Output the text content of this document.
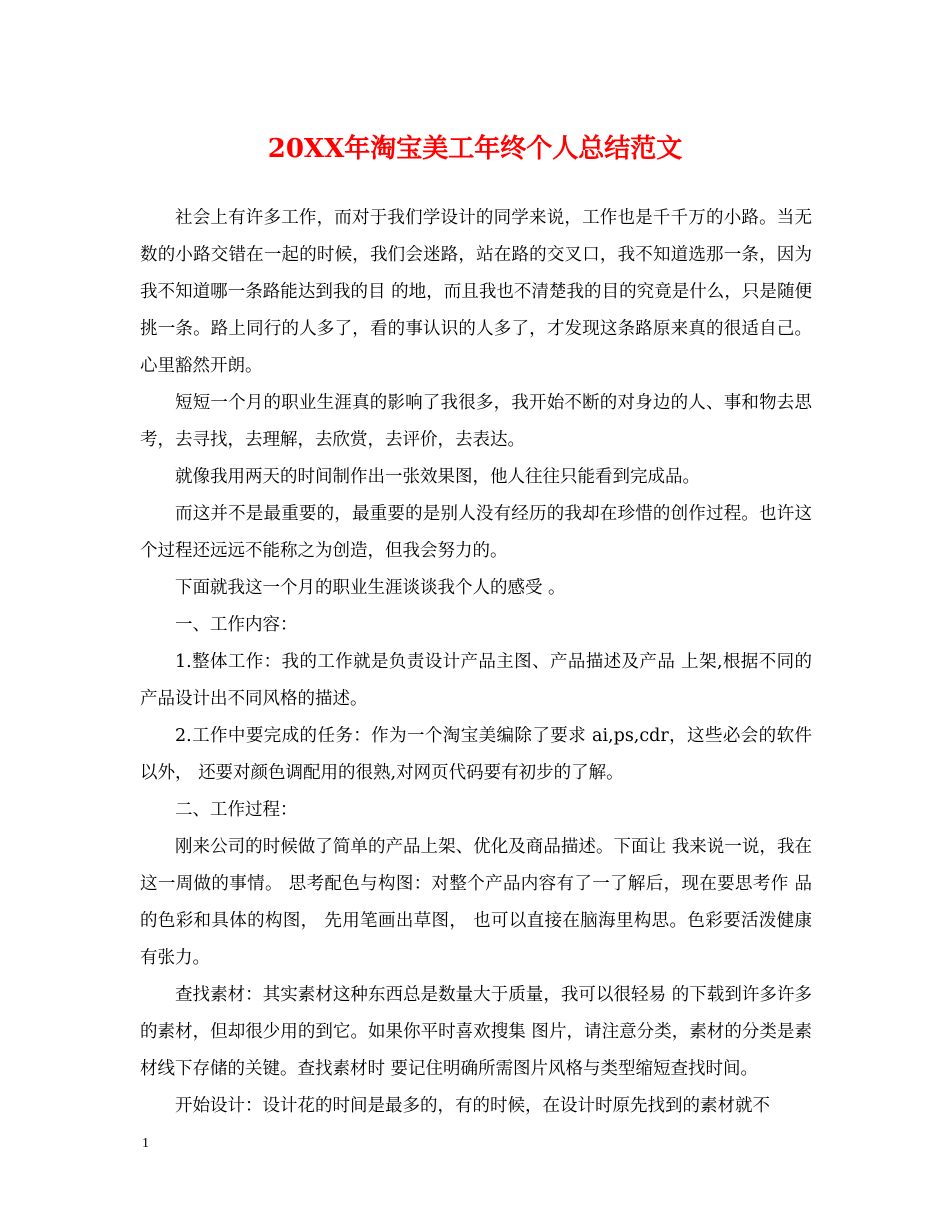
20XX年淘宝美工年终个人总结范文

社会上有许多工作，而对于我们学设计的同学来说，工作也是千千万的小路。当无数的小路交错在一起的时候，我们会迷路，站在路的交叉口，我不知道选那一条，因为我不知道哪一条路能达到我的目 的地，而且我也不清楚我的目的究竟是什么，只是随便挑一条。路上同行的人多了，看的事认识的人多了，才发现这条路原来真的很适自己。心里豁然开朗。

短短一个月的职业生涯真的影响了我很多，我开始不断的对身边的人、事和物去思考，去寻找，去理解，去欣赏，去评价，去表达。

就像我用两天的时间制作出一张效果图，他人往往只能看到完成品。

而这并不是最重要的，最重要的是别人没有经历的我却在珍惜的创作过程。也许这个过程还远远不能称之为创造，但我会努力的。

下面就我这一个月的职业生涯谈谈我个人的感受 。

一、工作内容：

1.整体工作：我的工作就是负责设计产品主图、产品描述及产品 上架,根据不同的产品设计出不同风格的描述。

2.工作中要完成的任务：作为一个淘宝美编除了要求 ai,ps,cdr，这些必会的软件以外， 还要对颜色调配用的很熟,对网页代码要有初步的了解。

二、工作过程：

刚来公司的时候做了简单的产品上架、优化及商品描述。下面让 我来说一说，我在这一周做的事情。 思考配色与构图：对整个产品内容有了一了解后，现在要思考作 品的色彩和具体的构图， 先用笔画出草图， 也可以直接在脑海里构思。色彩要活泼健康有张力。

查找素材：其实素材这种东西总是数量大于质量，我可以很轻易 的下载到许多许多的素材，但却很少用的到它。如果你平时喜欢搜集 图片，请注意分类，素材的分类是素材线下存储的关键。查找素材时 要记住明确所需图片风格与类型缩短查找时间。

开始设计：设计花的时间是最多的，有的时候，在设计时原先找到的素材就不

1
